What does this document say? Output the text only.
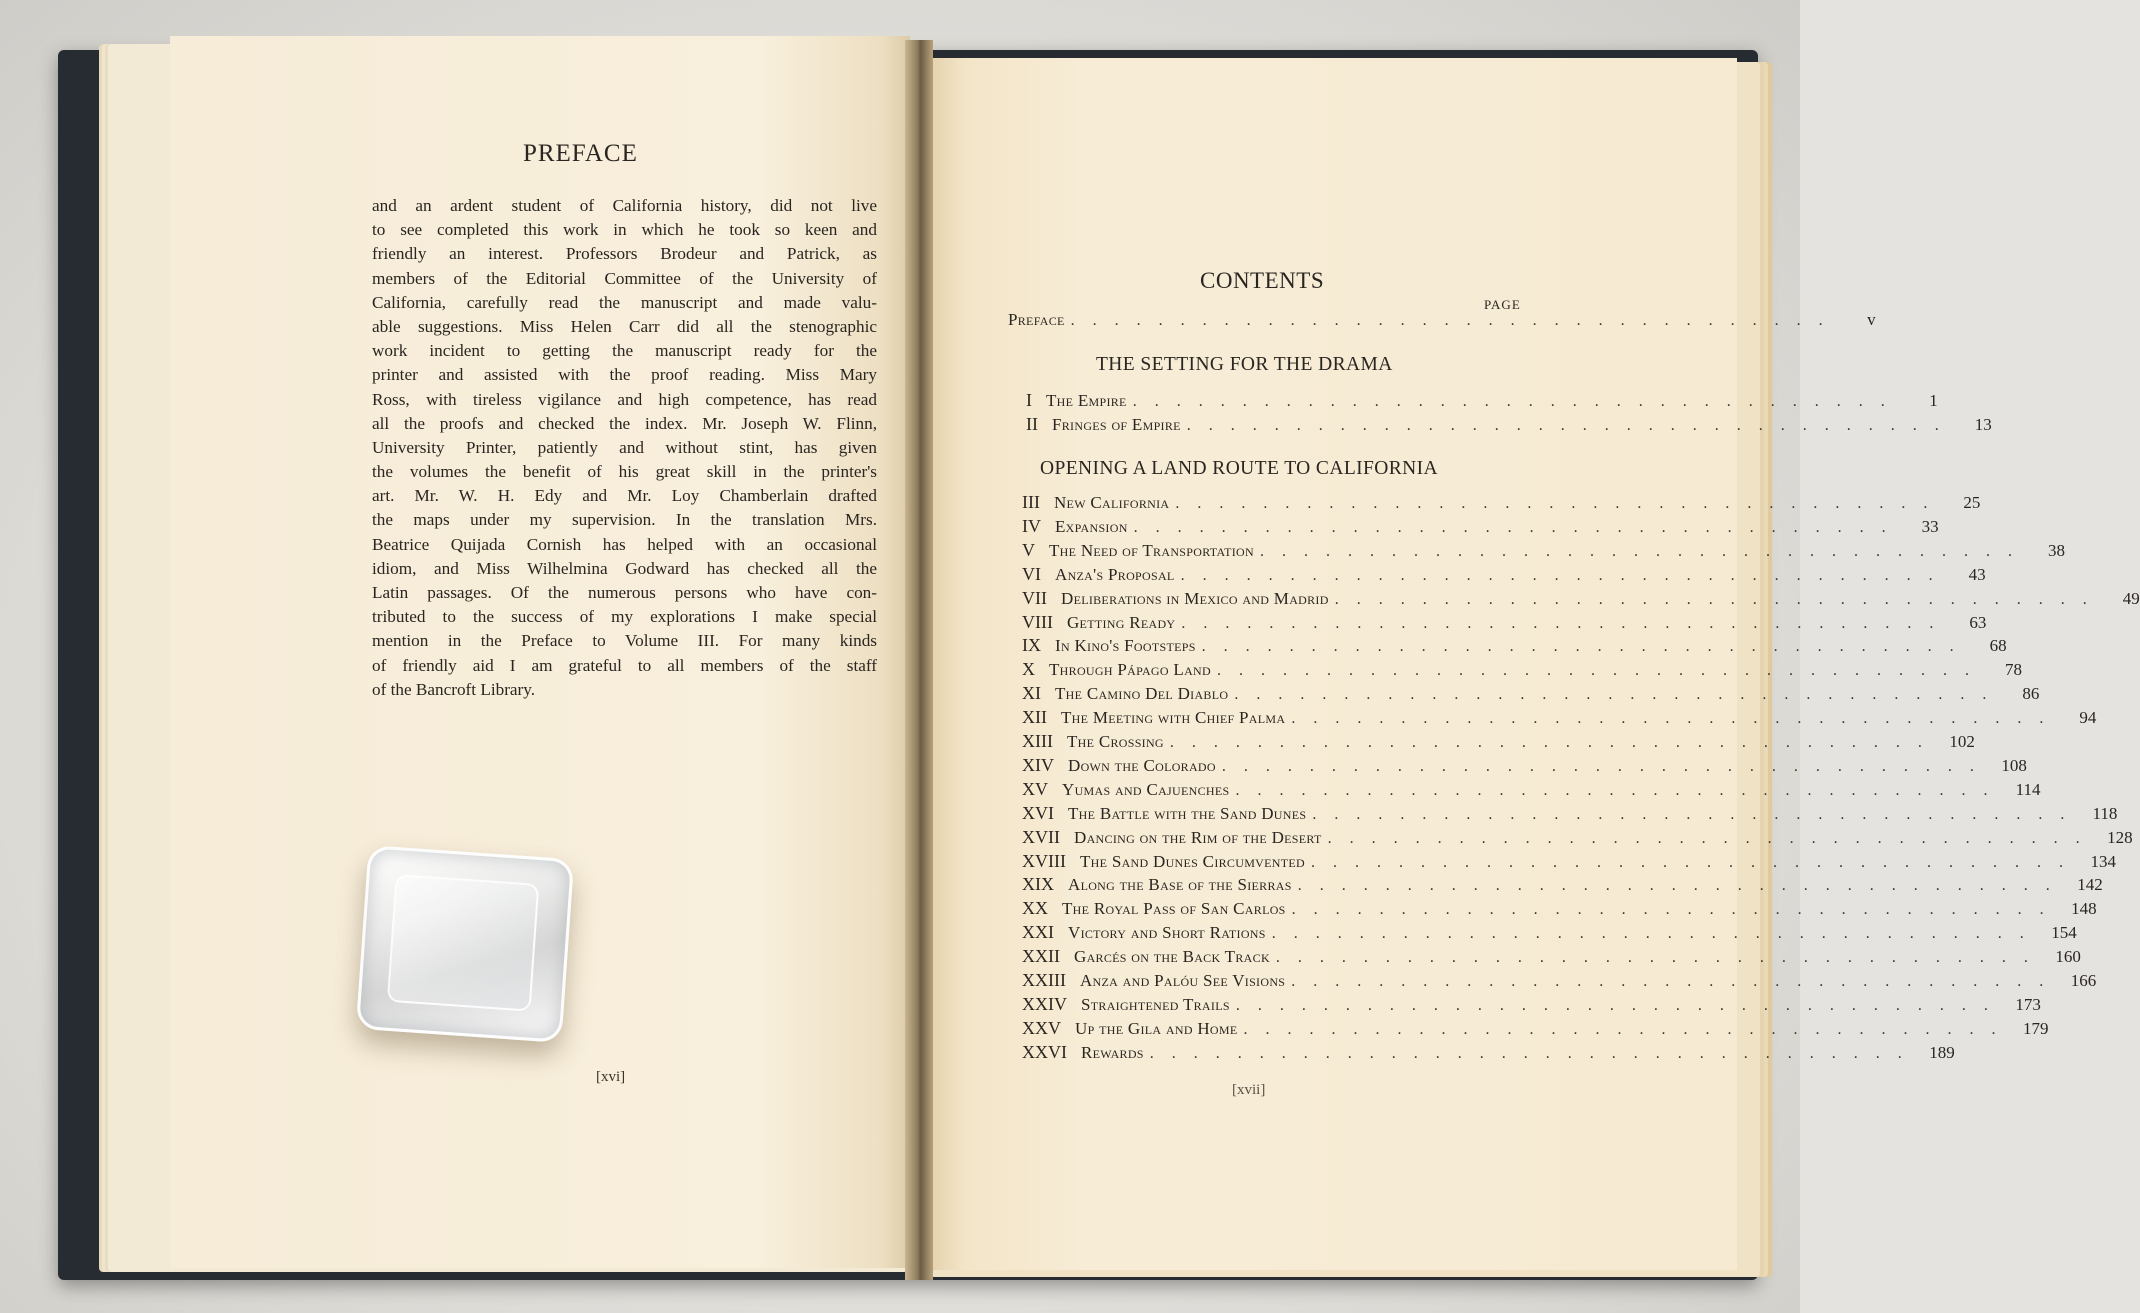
PREFACE
and an ardent student of California history, did not live
to see completed this work in which he took so keen and
friendly an interest. Professors Brodeur and Patrick, as
members of the Editorial Committee of the University of
California, carefully read the manuscript and made valu-
able suggestions. Miss Helen Carr did all the stenographic
work incident to getting the manuscript ready for the
printer and assisted with the proof reading. Miss Mary
Ross, with tireless vigilance and high competence, has read
all the proofs and checked the index. Mr. Joseph W. Flinn,
University Printer, patiently and without stint, has given
the volumes the benefit of his great skill in the printer's
art. Mr. W. H. Edy and Mr. Loy Chamberlain drafted
the maps under my supervision. In the translation Mrs.
Beatrice Quijada Cornish has helped with an occasional
idiom, and Miss Wilhelmina Godward has checked all the
Latin passages. Of the numerous persons who have con-
tributed to the success of my explorations I make special
mention in the Preface to Volume III. For many kinds
of friendly aid I am grateful to all members of the staff
of the Bancroft Library.
[xvi]
CONTENTS
PAGE
Preface . . . . . . . . . . . . . . . . . . . . . . . . . . . . . . . . . . .	v
THE SETTING FOR THE DRAMA
I The Empire . . . . . . . . . . . . . . . . . . . . . . . . . . . . . . . . . . .	1
II Fringes of Empire . . . . . . . . . . . . . . . . . . . . . . . . . . . . . . . . . . .	13
OPENING A LAND ROUTE TO CALIFORNIA
III New California . . . . . . . . . . . . . . . . . . . . . . . . . . . . . . . . . . .	25
IV Expansion . . . . . . . . . . . . . . . . . . . . . . . . . . . . . . . . . . .	33
V The Need of Transportation . . . . . . . . . . . . . . . . . . . . . . . . . . . . . . . . . . .	38
VI Anza's Proposal . . . . . . . . . . . . . . . . . . . . . . . . . . . . . . . . . . .	43
VII Deliberations in Mexico and Madrid . . . . . . . . . . . . . . . . . . . . . . . . . . . . . . . . . . .	49
VIII Getting Ready . . . . . . . . . . . . . . . . . . . . . . . . . . . . . . . . . . .	63
IX In Kino's Footsteps . . . . . . . . . . . . . . . . . . . . . . . . . . . . . . . . . . .	68
X Through Pápago Land . . . . . . . . . . . . . . . . . . . . . . . . . . . . . . . . . . .	78
XI The Camino Del Diablo . . . . . . . . . . . . . . . . . . . . . . . . . . . . . . . . . . .	86
XII The Meeting with Chief Palma . . . . . . . . . . . . . . . . . . . . . . . . . . . . . . . . . . .	94
XIII The Crossing . . . . . . . . . . . . . . . . . . . . . . . . . . . . . . . . . . .	102
XIV Down the Colorado . . . . . . . . . . . . . . . . . . . . . . . . . . . . . . . . . . .	108
XV Yumas and Cajuenches . . . . . . . . . . . . . . . . . . . . . . . . . . . . . . . . . . .	114
XVI The Battle with the Sand Dunes . . . . . . . . . . . . . . . . . . . . . . . . . . . . . . . . . . .	118
XVII Dancing on the Rim of the Desert . . . . . . . . . . . . . . . . . . . . . . . . . . . . . . . . . . .	128
XVIII The Sand Dunes Circumvented . . . . . . . . . . . . . . . . . . . . . . . . . . . . . . . . . . .	134
XIX Along the Base of the Sierras . . . . . . . . . . . . . . . . . . . . . . . . . . . . . . . . . . .	142
XX The Royal Pass of San Carlos . . . . . . . . . . . . . . . . . . . . . . . . . . . . . . . . . . .	148
XXI Victory and Short Rations . . . . . . . . . . . . . . . . . . . . . . . . . . . . . . . . . . .	154
XXII Garcés on the Back Track . . . . . . . . . . . . . . . . . . . . . . . . . . . . . . . . . . .	160
XXIII Anza and Palóu See Visions . . . . . . . . . . . . . . . . . . . . . . . . . . . . . . . . . . .	166
XXIV Straightened Trails . . . . . . . . . . . . . . . . . . . . . . . . . . . . . . . . . . .	173
XXV Up the Gila and Home . . . . . . . . . . . . . . . . . . . . . . . . . . . . . . . . . . .	179
XXVI Rewards . . . . . . . . . . . . . . . . . . . . . . . . . . . . . . . . . . .	189
[xvii]
